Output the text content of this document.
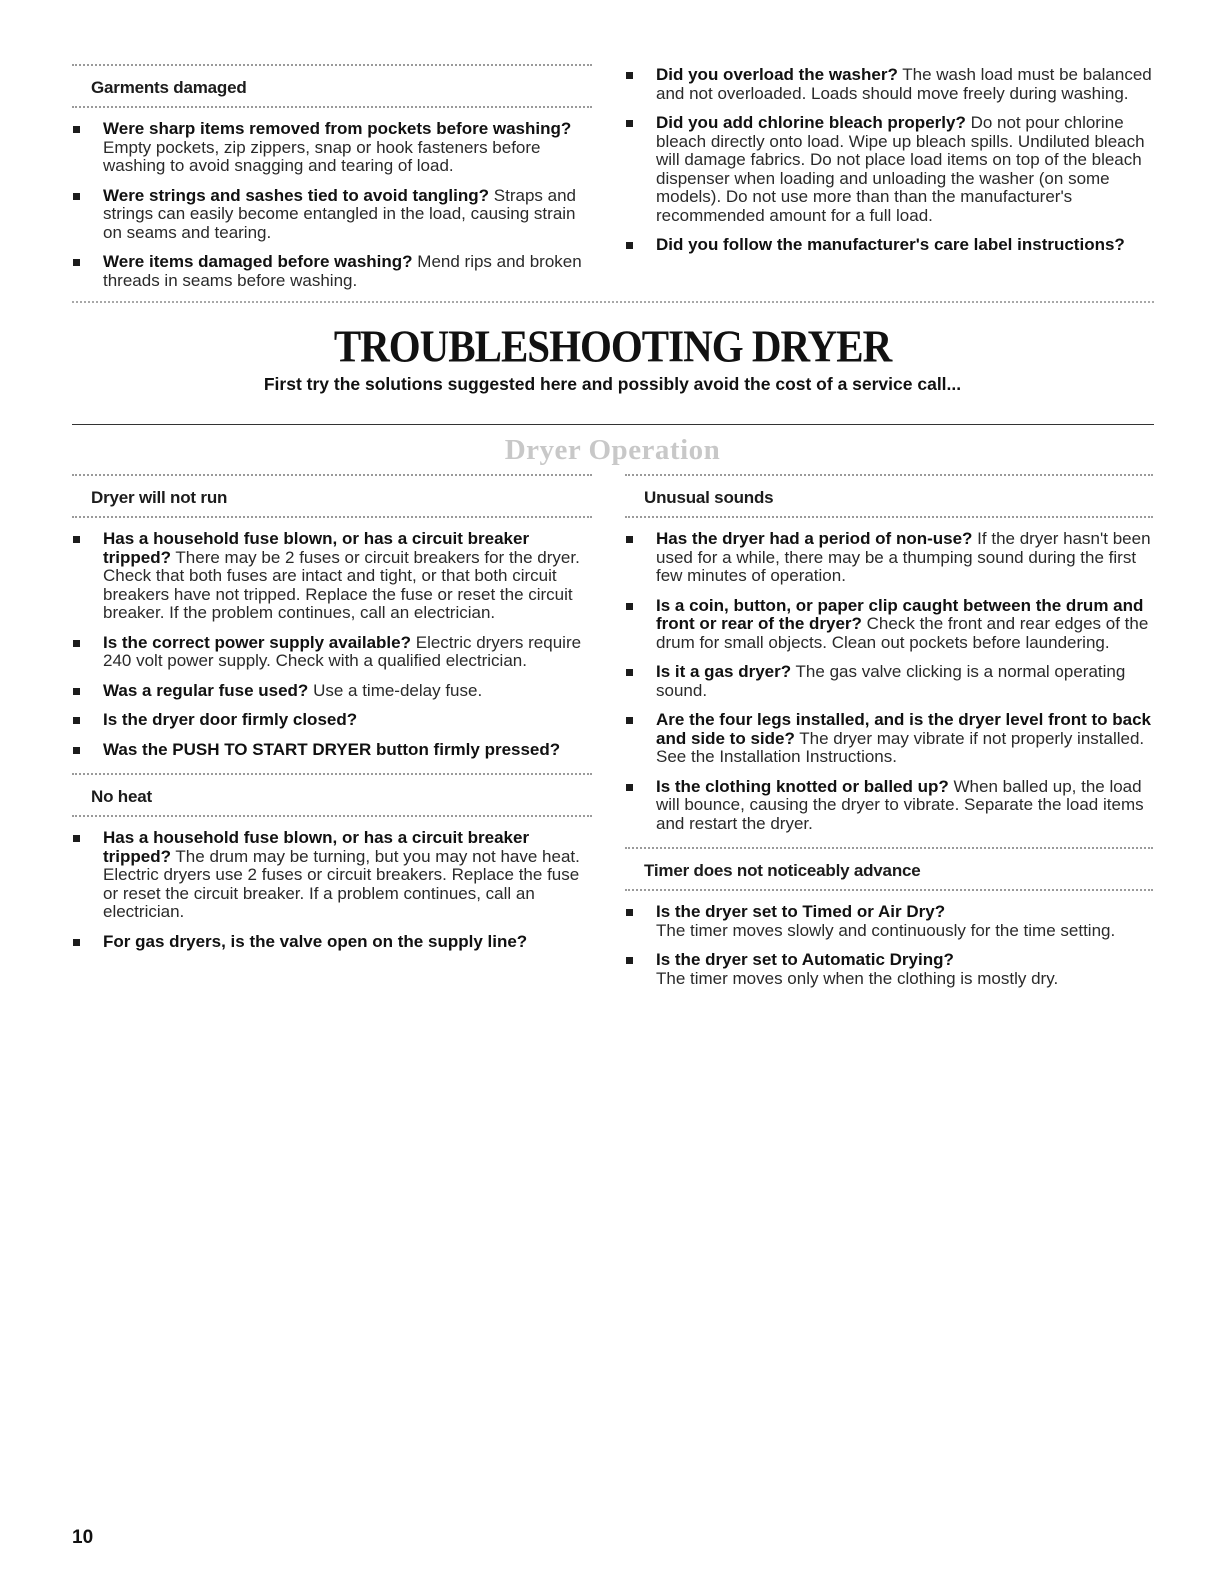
Garments damaged
Were sharp items removed from pockets before washing? Empty pockets, zip zippers, snap or hook fasteners before washing to avoid snagging and tearing of load.
Were strings and sashes tied to avoid tangling? Straps and strings can easily become entangled in the load, causing strain on seams and tearing.
Were items damaged before washing? Mend rips and broken threads in seams before washing.
Did you overload the washer? The wash load must be balanced and not overloaded. Loads should move freely during washing.
Did you add chlorine bleach properly? Do not pour chlorine bleach directly onto load. Wipe up bleach spills. Undiluted bleach will damage fabrics. Do not place load items on top of the bleach dispenser when loading and unloading the washer (on some models). Do not use more than than the manufacturer's recommended amount for a full load.
Did you follow the manufacturer's care label instructions?
TROUBLESHOOTING DRYER

First try the solutions suggested here and possibly avoid the cost of a service call...

Dryer Operation
Dryer will not run
Has a household fuse blown, or has a circuit breaker tripped? There may be 2 fuses or circuit breakers for the dryer. Check that both fuses are intact and tight, or that both circuit breakers have not tripped. Replace the fuse or reset the circuit breaker. If the problem continues, call an electrician.
Is the correct power supply available? Electric dryers require 240 volt power supply. Check with a qualified electrician.
Was a regular fuse used? Use a time-delay fuse.
Is the dryer door firmly closed?
Was the PUSH TO START DRYER button firmly pressed?
No heat
Has a household fuse blown, or has a circuit breaker tripped? The drum may be turning, but you may not have heat. Electric dryers use 2 fuses or circuit breakers. Replace the fuse or reset the circuit breaker. If a problem continues, call an electrician.
For gas dryers, is the valve open on the supply line?
Unusual sounds
Has the dryer had a period of non-use? If the dryer hasn't been used for a while, there may be a thumping sound during the first few minutes of operation.
Is a coin, button, or paper clip caught between the drum and front or rear of the dryer? Check the front and rear edges of the drum for small objects. Clean out pockets before laundering.
Is it a gas dryer? The gas valve clicking is a normal operating sound.
Are the four legs installed, and is the dryer level front to back and side to side? The dryer may vibrate if not properly installed. See the Installation Instructions.
Is the clothing knotted or balled up? When balled up, the load will bounce, causing the dryer to vibrate. Separate the load items and restart the dryer.
Timer does not noticeably advance
Is the dryer set to Timed or Air Dry?
The timer moves slowly and continuously for the time setting.
Is the dryer set to Automatic Drying?
The timer moves only when the clothing is mostly dry.
10
